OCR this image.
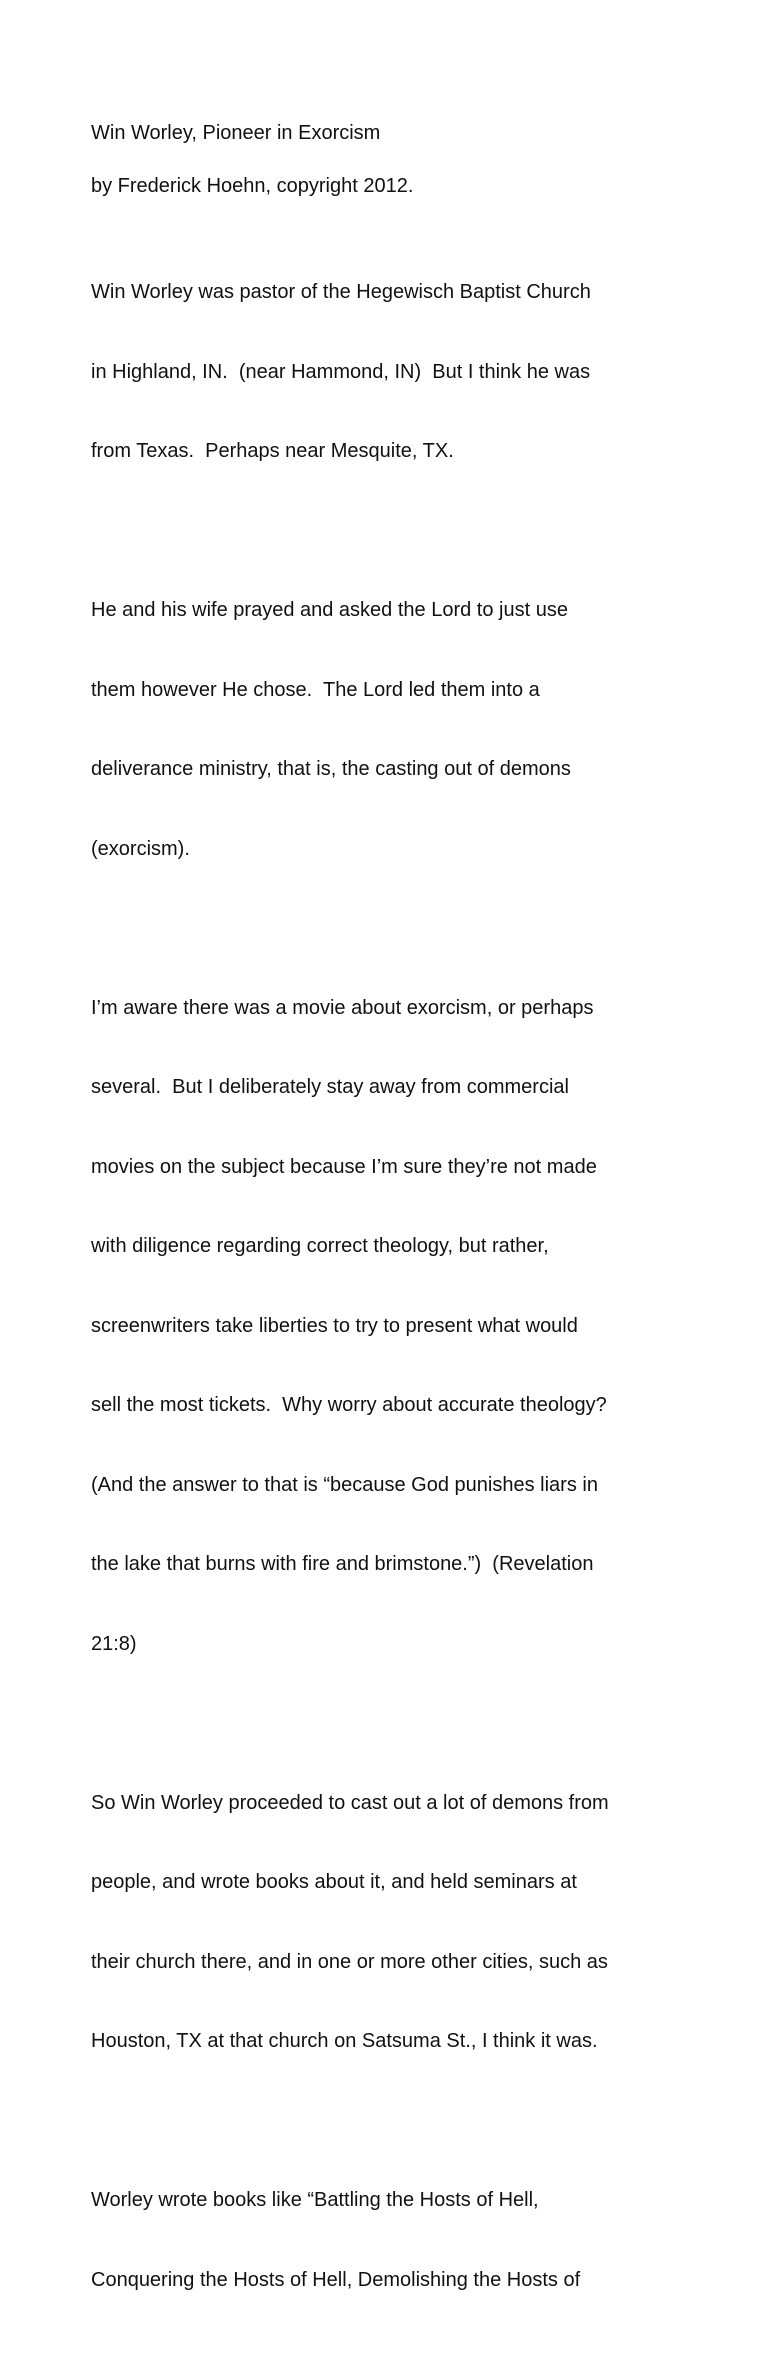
Win Worley, Pioneer in Exorcism

by Frederick Hoehn, copyright 2012.

Win Worley was pastor of the Hegewisch Baptist Church

in Highland, IN.  (near Hammond, IN)  But I think he was

from Texas.  Perhaps near Mesquite, TX.

He and his wife prayed and asked the Lord to just use

them however He chose.  The Lord led them into a

deliverance ministry, that is, the casting out of demons

(exorcism).

I’m aware there was a movie about exorcism, or perhaps

several.  But I deliberately stay away from commercial

movies on the subject because I’m sure they’re not made

with diligence regarding correct theology, but rather,

screenwriters take liberties to try to present what would

sell the most tickets.  Why worry about accurate theology?

(And the answer to that is “because God punishes liars in

the lake that burns with fire and brimstone.”)  (Revelation

21:8)

So Win Worley proceeded to cast out a lot of demons from

people, and wrote books about it, and held seminars at

their church there, and in one or more other cities, such as

Houston, TX at that church on Satsuma St., I think it was.

Worley wrote books like “Battling the Hosts of Hell,

Conquering the Hosts of Hell, Demolishing the Hosts of
